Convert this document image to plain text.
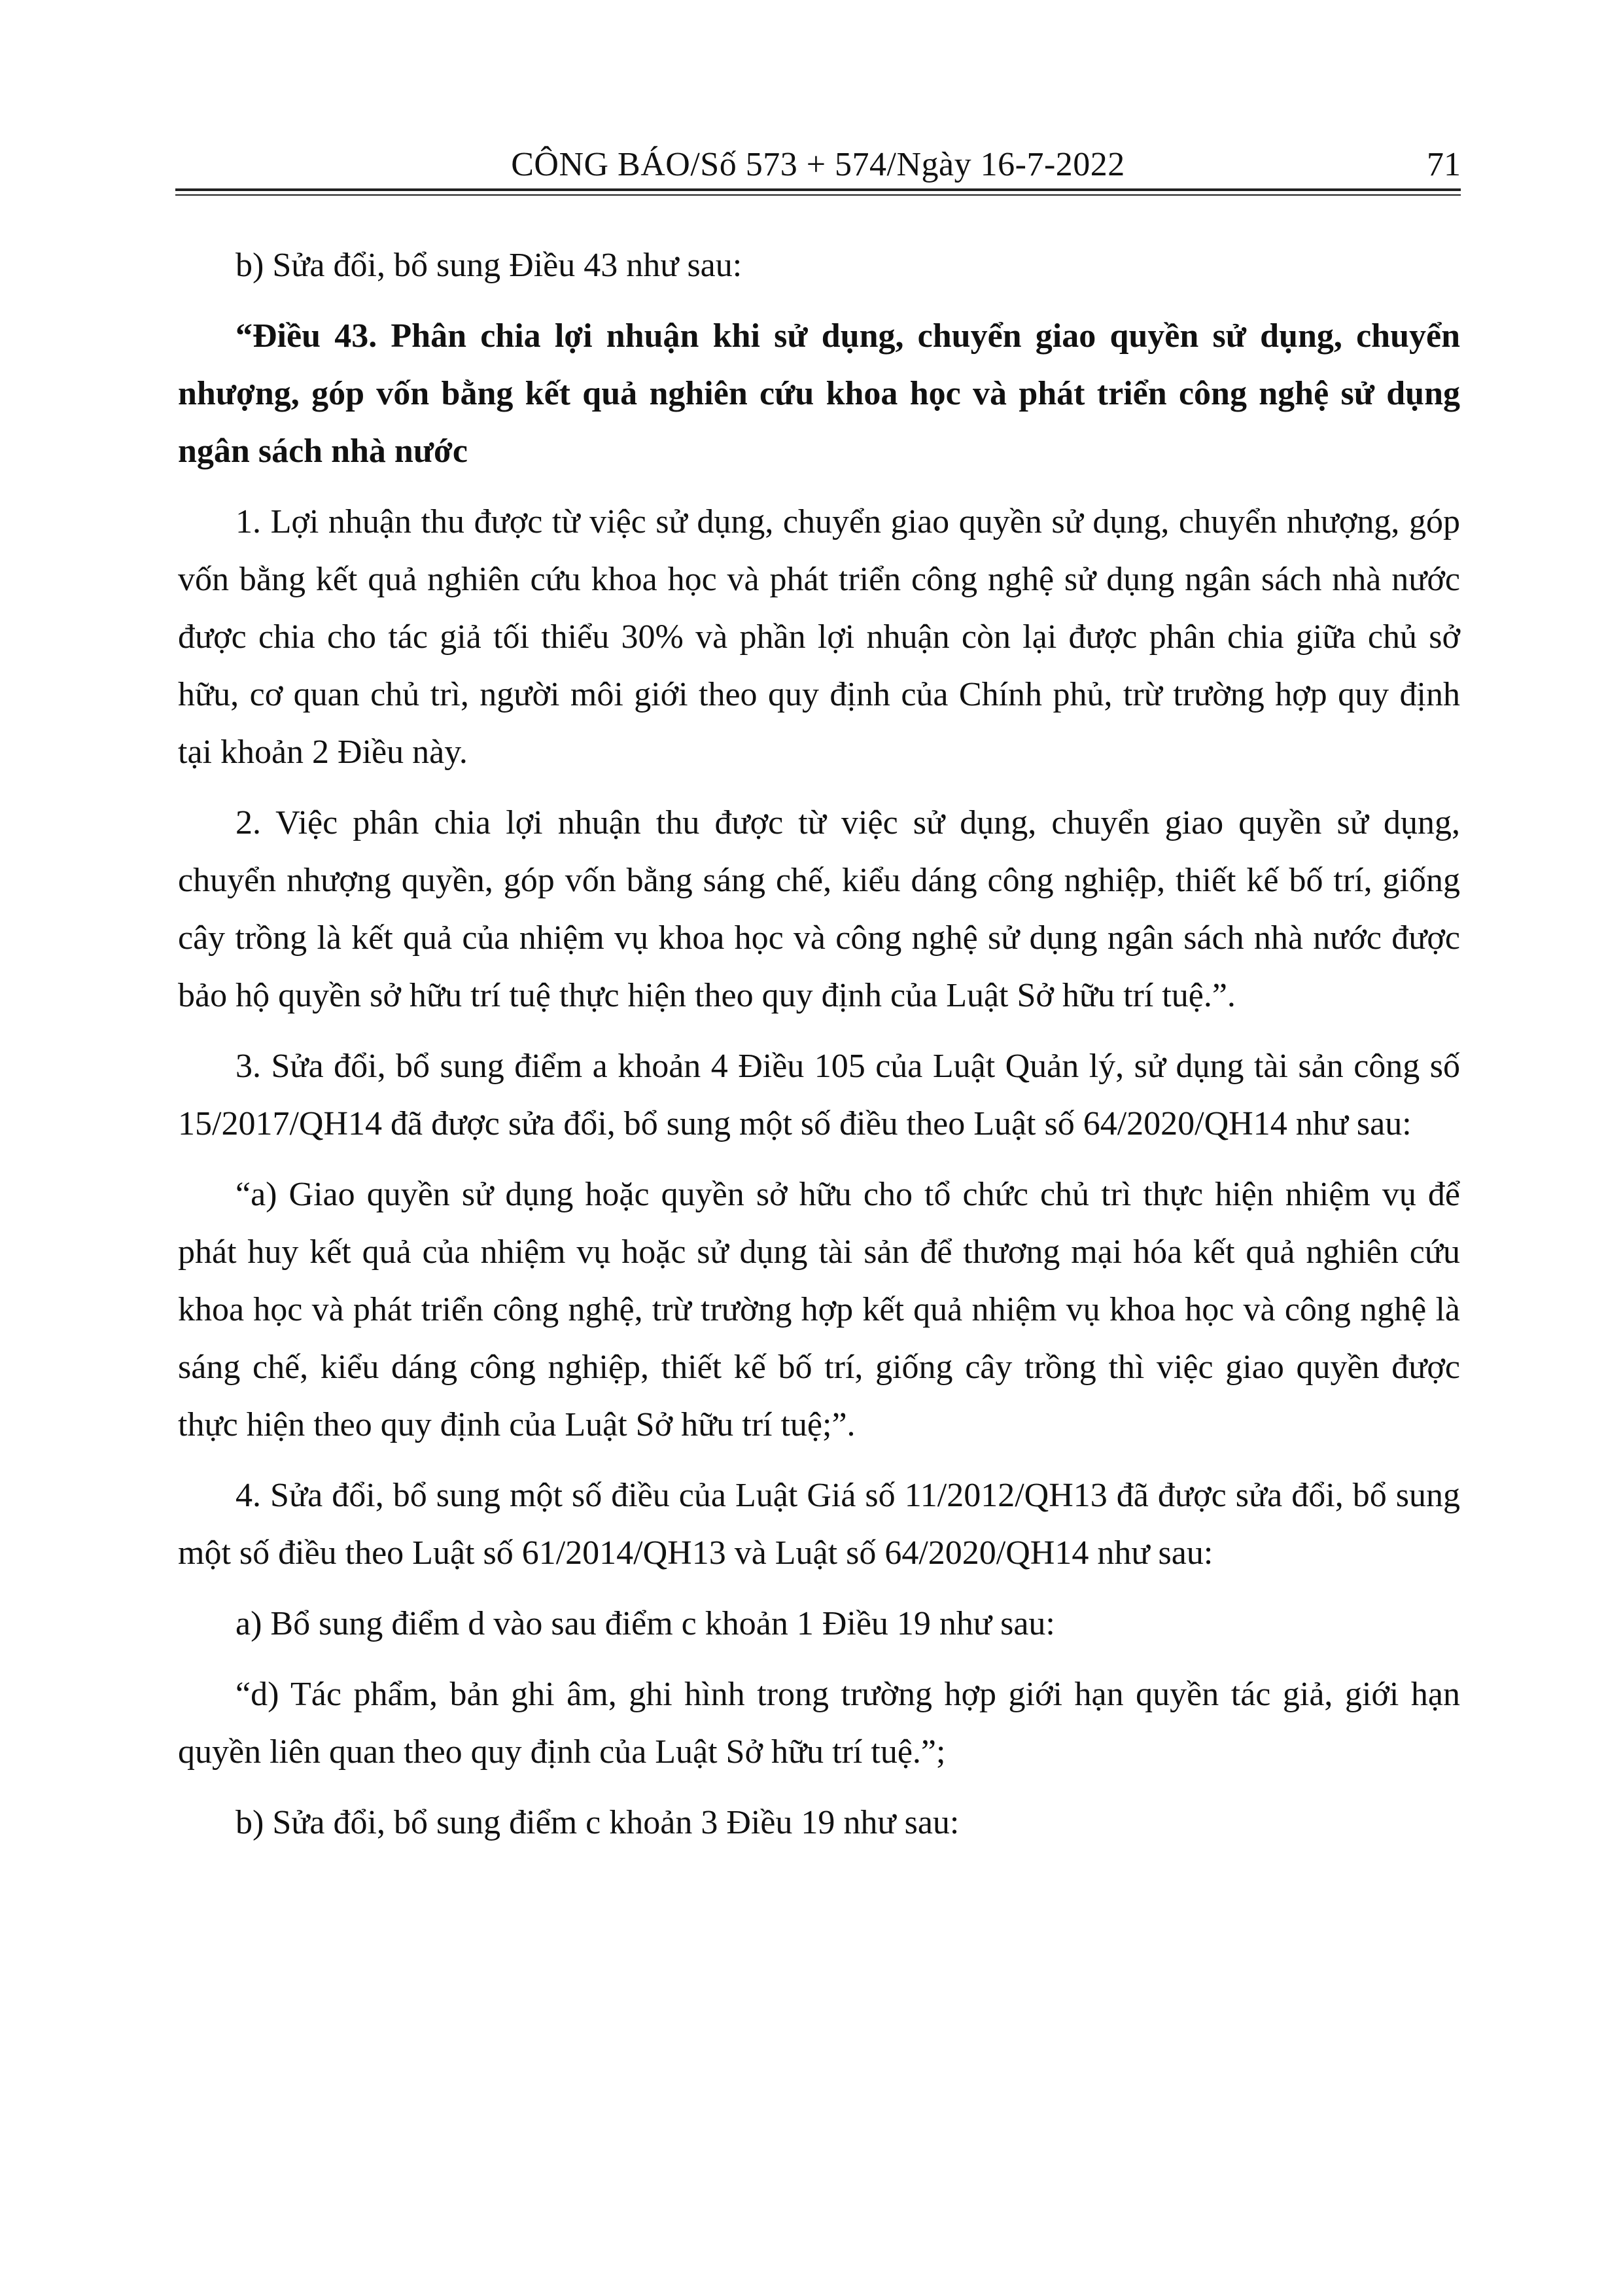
CÔNG BÁO/Số 573 + 574/Ngày 16-7-2022	71

b) Sửa đổi, bổ sung Điều 43 như sau:

“Điều 43. Phân chia lợi nhuận khi sử dụng, chuyển giao quyền sử dụng, chuyển nhượng, góp vốn bằng kết quả nghiên cứu khoa học và phát triển công nghệ sử dụng ngân sách nhà nước

1. Lợi nhuận thu được từ việc sử dụng, chuyển giao quyền sử dụng, chuyển nhượng, góp vốn bằng kết quả nghiên cứu khoa học và phát triển công nghệ sử dụng ngân sách nhà nước được chia cho tác giả tối thiểu 30% và phần lợi nhuận còn lại được phân chia giữa chủ sở hữu, cơ quan chủ trì, người môi giới theo quy định của Chính phủ, trừ trường hợp quy định tại khoản 2 Điều này.

2. Việc phân chia lợi nhuận thu được từ việc sử dụng, chuyển giao quyền sử dụng, chuyển nhượng quyền, góp vốn bằng sáng chế, kiểu dáng công nghiệp, thiết kế bố trí, giống cây trồng là kết quả của nhiệm vụ khoa học và công nghệ sử dụng ngân sách nhà nước được bảo hộ quyền sở hữu trí tuệ thực hiện theo quy định của Luật Sở hữu trí tuệ.”.

3. Sửa đổi, bổ sung điểm a khoản 4 Điều 105 của Luật Quản lý, sử dụng tài sản công số 15/2017/QH14 đã được sửa đổi, bổ sung một số điều theo Luật số 64/2020/QH14 như sau:

“a) Giao quyền sử dụng hoặc quyền sở hữu cho tổ chức chủ trì thực hiện nhiệm vụ để phát huy kết quả của nhiệm vụ hoặc sử dụng tài sản để thương mại hóa kết quả nghiên cứu khoa học và phát triển công nghệ, trừ trường hợp kết quả nhiệm vụ khoa học và công nghệ là sáng chế, kiểu dáng công nghiệp, thiết kế bố trí, giống cây trồng thì việc giao quyền được thực hiện theo quy định của Luật Sở hữu trí tuệ;”.

4. Sửa đổi, bổ sung một số điều của Luật Giá số 11/2012/QH13 đã được sửa đổi, bổ sung một số điều theo Luật số 61/2014/QH13 và Luật số 64/2020/QH14 như sau:

a) Bổ sung điểm d vào sau điểm c khoản 1 Điều 19 như sau:

“d) Tác phẩm, bản ghi âm, ghi hình trong trường hợp giới hạn quyền tác giả, giới hạn quyền liên quan theo quy định của Luật Sở hữu trí tuệ.”;

b) Sửa đổi, bổ sung điểm c khoản 3 Điều 19 như sau:
